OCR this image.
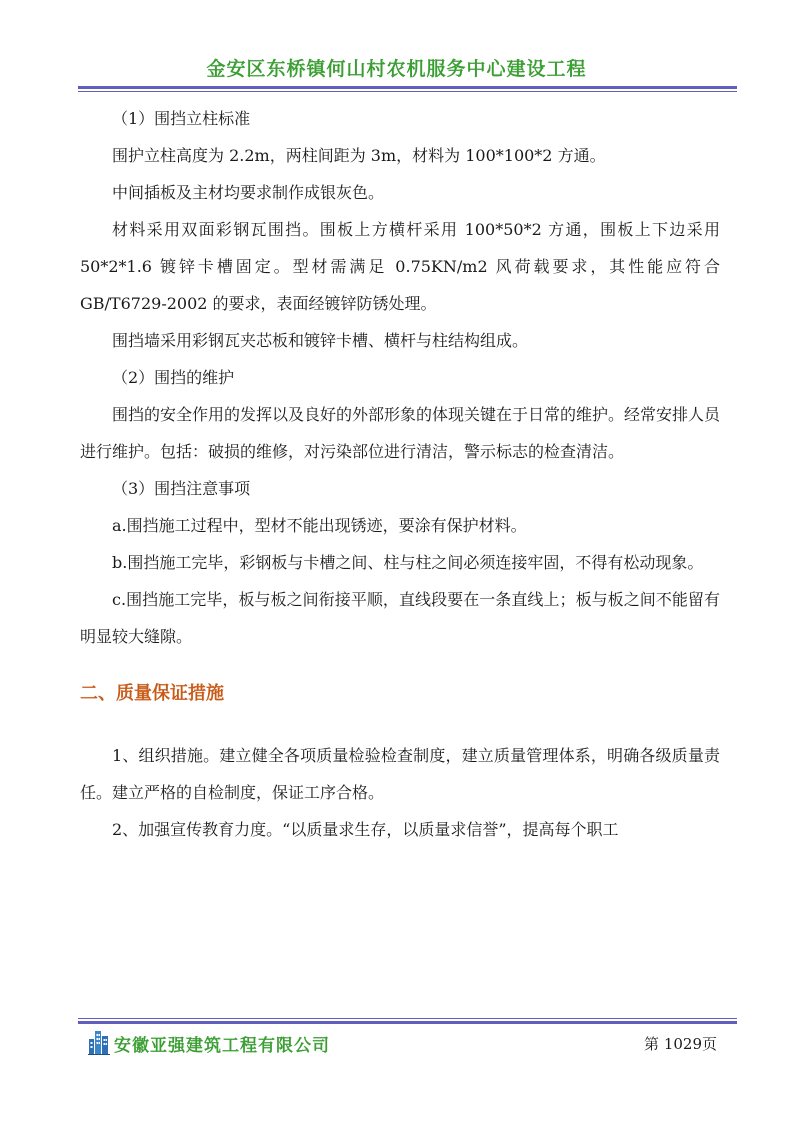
金安区东桥镇何山村农机服务中心建设工程

（1）围挡立柱标准

围护立柱高度为 2.2m，两柱间距为 3m，材料为 100*100*2 方通。

中间插板及主材均要求制作成银灰色。

材料采用双面彩钢瓦围挡。围板上方横杆采用 100*50*2 方通，围板上下边采用 50*2*1.6 镀锌卡槽固定。型材需满足 0.75KN/m2 风荷载要求，其性能应符合 GB/T6729-2002 的要求，表面经镀锌防锈处理。

围挡墙采用彩钢瓦夹芯板和镀锌卡槽、横杆与柱结构组成。

（2）围挡的维护

围挡的安全作用的发挥以及良好的外部形象的体现关键在于日常的维护。经常安排人员进行维护。包括：破损的维修，对污染部位进行清洁，警示标志的检查清洁。

（3）围挡注意事项

a.围挡施工过程中，型材不能出现锈迹，要涂有保护材料。

b.围挡施工完毕，彩钢板与卡槽之间、柱与柱之间必须连接牢固，不得有松动现象。

c.围挡施工完毕，板与板之间衔接平顺，直线段要在一条直线上；板与板之间不能留有明显较大缝隙。

二、质量保证措施

1、组织措施。建立健全各项质量检验检查制度，建立质量管理体系，明确各级质量责任。建立严格的自检制度，保证工序合格。

2、加强宣传教育力度。“以质量求生存，以质量求信誉”，提高每个职工

安徽亚强建筑工程有限公司	第 1029页
